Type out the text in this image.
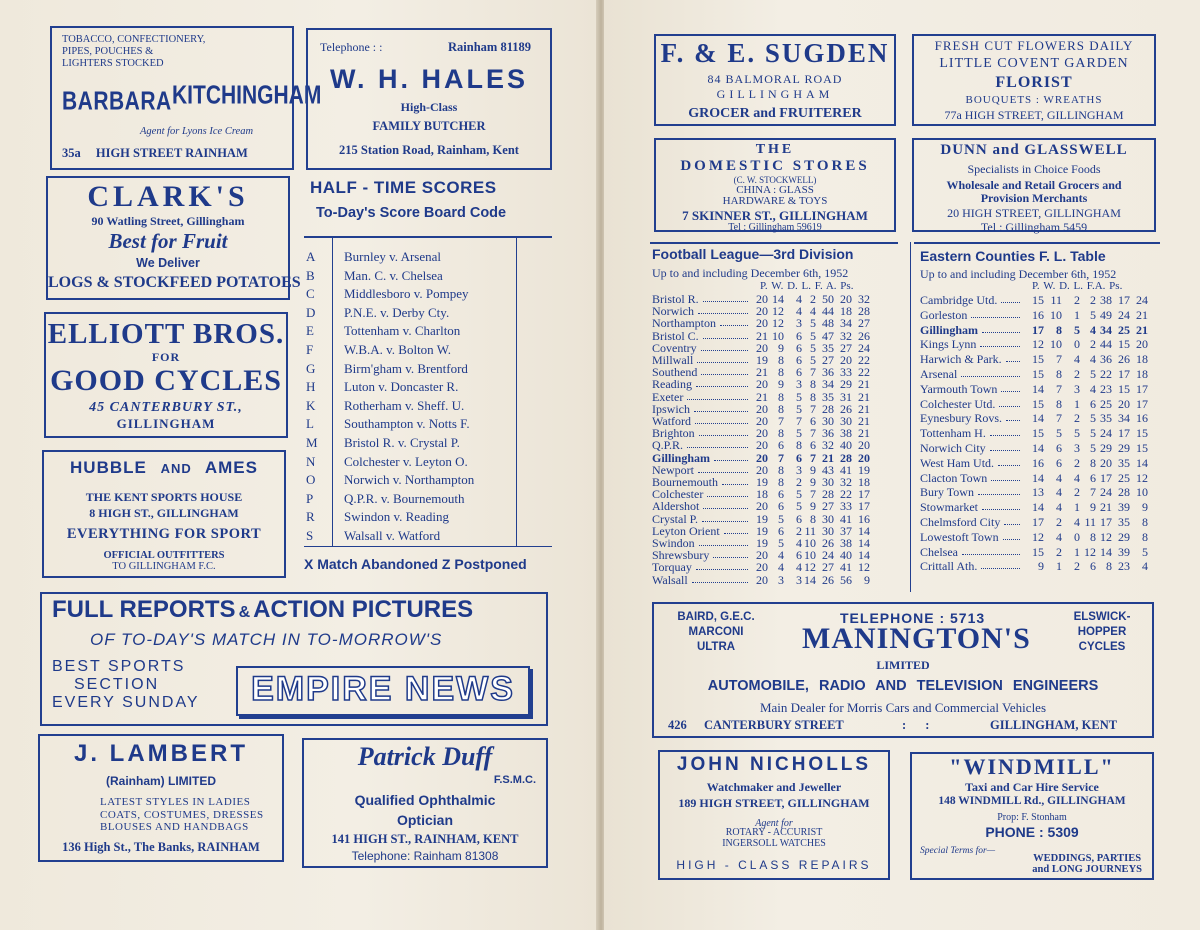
TOBACCO, CONFECTIONERY,
PIPES, POUCHES &
LIGHTERS STOCKED
BARBARA KITCHINGHAM
Agent for Lyons Ice Cream
35a HIGH STREET RAINHAM
Telephone : :	Rainham 81189
W. H. HALES
High-Class
FAMILY BUTCHER
215 Station Road, Rainham, Kent
CLARK'S
90 Watling Street, Gillingham
Best for Fruit
We Deliver
LOGS & STOCKFEED POTATOES
ELLIOTT BROS.
FOR
GOOD CYCLES
45 CANTERBURY ST.,
GILLINGHAM
HUBBLE AND AMES
THE KENT SPORTS HOUSE
8 HIGH ST., GILLINGHAM
EVERYTHING FOR SPORT
OFFICIAL OUTFITTERS
TO GILLINGHAM F.C.
HALF - TIME SCORES
To-Day's Score Board Code
A Burnley v. Arsenal
B Man. C. v. Chelsea
C Middlesboro v. Pompey
D P.N.E. v. Derby Cty.
E Tottenham v. Charlton
F W.B.A. v. Bolton W.
G Birm'gham v. Brentford
H Luton v. Doncaster R.
K Rotherham v. Sheff. U.
L Southampton v. Notts F.
M Bristol R. v. Crystal P.
N Colchester v. Leyton O.
O Norwich v. Northampton
P Q.P.R. v. Bournemouth
R Swindon v. Reading
S Walsall v. Watford
X Match Abandoned Z Postponed
FULL REPORTS & ACTION PICTURES
OF TO-DAY'S MATCH IN TO-MORROW'S
BEST SPORTS
SECTION
EVERY SUNDAY	EMPIRE NEWS
J. LAMBERT
(Rainham) LIMITED
LATEST STYLES IN LADIES
COATS, COSTUMES, DRESSES
BLOUSES AND HANDBAGS
136 High St., The Banks, RAINHAM
Patrick Duff
F.S.M.C.
Qualified Ophthalmic
Optician
141 HIGH ST., RAINHAM, KENT
Telephone: Rainham 81308
F. & E. SUGDEN
84 BALMORAL ROAD
GILLINGHAM
GROCER and FRUITERER
FRESH CUT FLOWERS DAILY
LITTLE COVENT GARDEN
FLORIST
BOUQUETS : WREATHS
77a HIGH STREET, GILLINGHAM
THE
DOMESTIC STORES
(C. W. STOCKWELL)
CHINA : GLASS
HARDWARE & TOYS
7 SKINNER ST., GILLINGHAM
Tel : Gillingham 59619
DUNN and GLASSWELL
Specialists in Choice Foods
Wholesale and Retail Grocers and
Provision Merchants
20 HIGH STREET, GILLINGHAM
Tel : Gillingham 5459
Football League—3rd Division
Up to and including December 6th, 1952
P. W. D. L. F. A. Ps.
Bristol R.	20 14	4 2 50 20 32
Norwich	20 12	4 4 44 18 28
Northampton	20 12	3 5 48 34 27
Bristol C.	21 10	6 5 47 32 26
Coventry	20 9	6 5 35 27 24
Millwall	19 8	6 5 27 20 22
Southend	21 8	6 7 36 33 22
Reading	20 9	3 8 34 29 21
Exeter	21 8	5 8 35 31 21
Ipswich	20 8	5 7 28 26 21
Watford	20 7	7 6 30 30 21
Brighton	20 8	5 7 36 38 21
Q.P.R.	20 6	8 6 32 40 20
Gillingham	20 7	6 7 21 28 20
Newport	20 8	3 9 43 41 19
Bournemouth	19 8	2 9 30 32 18
Colchester	18 6	5 7 28 22 17
Aldershot	20 6	5 9 27 33 17
Crystal P.	19 5	6 8 30 41 16
Leyton Orient	19 6	2 11 30 37 14
Swindon	19 5	4 10 26 38 14
Shrewsbury	20 4	6 10 24 40 14
Torquay	20 4	4 12 27 41 12
Walsall	20 3	3 14 26 56	9
Eastern Counties F. L. Table
Up to and including December 6th, 1952
P. W. D. L. F.A. Ps.
Cambridge Utd.	15 11	2 2 38 17 24
Gorleston	16 10	1 5 49 24 21
Gillingham	17	8	5 4 34 25 21
Kings Lynn	12 10	0 2 44 15 20
Harwich & Park.	15	7	4 4 36 26 18
Arsenal	15	8	2 5 22 17 18
Yarmouth Town	14	7	3 4 23 15 17
Colchester Utd.	15	8	1 6 25 20 17
Eynesbury Rovs.	14	7	2 5 35 34 16
Tottenham H.	15	5	5 5 24 17 15
Norwich City	14	6	3 5 29 29 15
West Ham Utd.	16	6	2 8 20 35 14
Clacton Town	14	4	4 6 17 25 12
Bury Town	13	4	2 7 24 28 10
Stowmarket	14	4	1 9 21 39	9
Chelmsford City	17	2	4 11 17 35	8
Lowestoft Town	12	4	0 8 12 29	8
Chelsea	15	2	1 12 14 39	5
Crittall Ath.	9	1	2 6 8 23	4
BAIRD, G.E.C.
MARCONI
ULTRA
TELEPHONE : 5713
MANINGTON'S
ELSWICK-
HOPPER
CYCLES
LIMITED
AUTOMOBILE, RADIO AND TELEVISION ENGINEERS
Main Dealer for Morris Cars and Commercial Vehicles
426 CANTERBURY STREET	: :	GILLINGHAM, KENT
JOHN NICHOLLS
Watchmaker and Jeweller
189 HIGH STREET, GILLINGHAM
Agent for
ROTARY - ACCURIST
INGERSOLL WATCHES
HIGH - CLASS REPAIRS
"WINDMILL"
Taxi and Car Hire Service
148 WINDMILL Rd., GILLINGHAM
Prop: F. Stonham
PHONE : 5309
Special Terms for—
WEDDINGS, PARTIES
and LONG JOURNEYS
